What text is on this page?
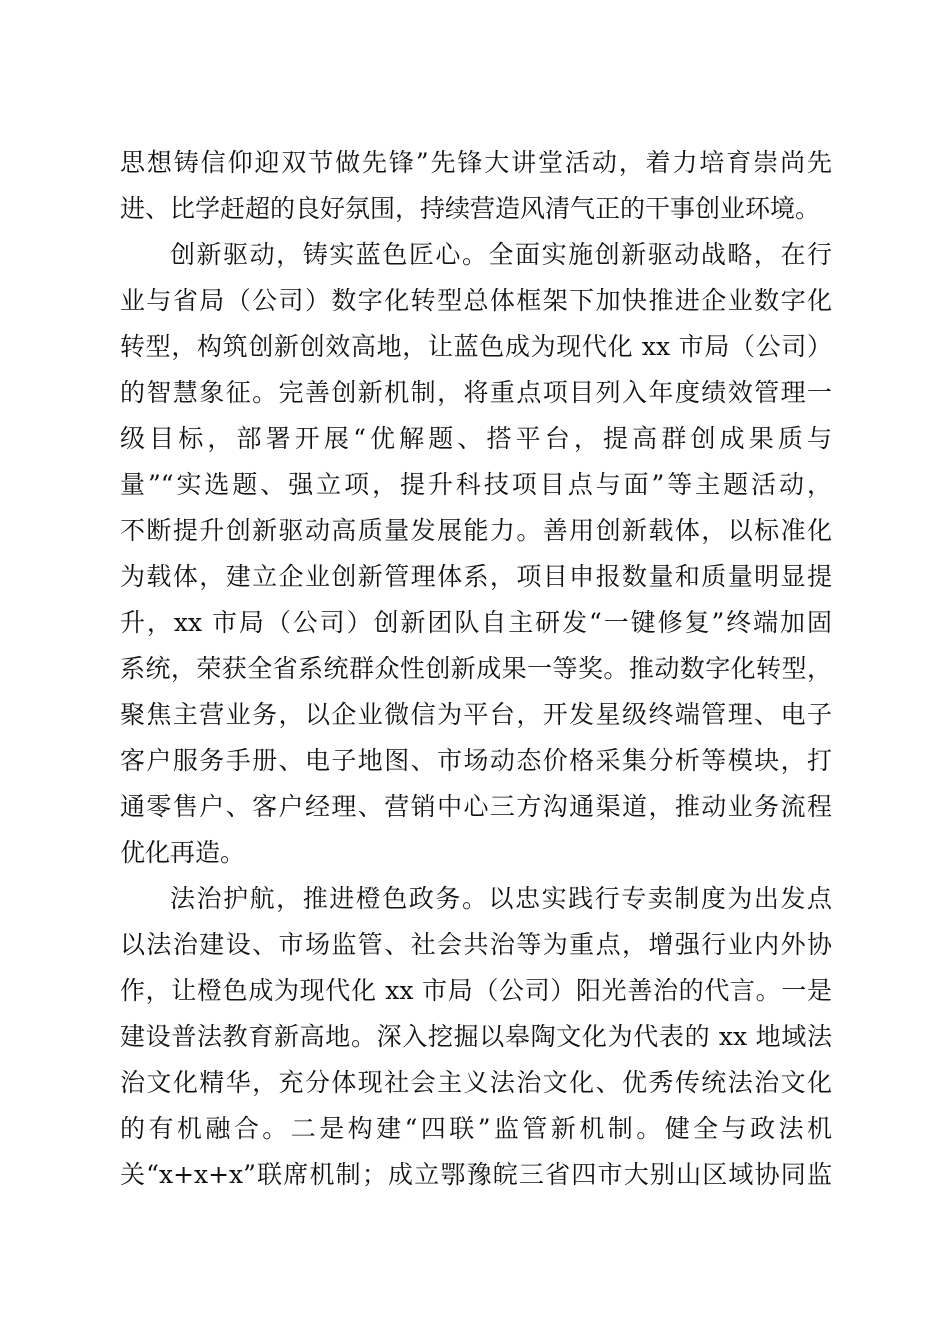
思想铸信仰迎双节做先锋”先锋大讲堂活动，着力培育崇尚先
进、比学赶超的良好氛围，持续营造风清气正的干事创业环境。
创新驱动，铸实蓝色匠心。全面实施创新驱动战略，在行
业与省局（公司）数字化转型总体框架下加快推进企业数字化
转型，构筑创新创效高地，让蓝色成为现代化 xx 市局（公司）
的智慧象征。完善创新机制，将重点项目列入年度绩效管理一
级目标，部署开展“优解题、搭平台，提高群创成果质与
量”“实选题、强立项，提升科技项目点与面”等主题活动，
不断提升创新驱动高质量发展能力。善用创新载体，以标准化
为载体，建立企业创新管理体系，项目申报数量和质量明显提
升，xx 市局（公司）创新团队自主研发“一键修复”终端加固
系统，荣获全省系统群众性创新成果一等奖。推动数字化转型，
聚焦主营业务，以企业微信为平台，开发星级终端管理、电子
客户服务手册、电子地图、市场动态价格采集分析等模块，打
通零售户、客户经理、营销中心三方沟通渠道，推动业务流程
优化再造。
法治护航，推进橙色政务。以忠实践行专卖制度为出发点
以法治建设、市场监管、社会共治等为重点，增强行业内外协
作，让橙色成为现代化 xx 市局（公司）阳光善治的代言。一是
建设普法教育新高地。深入挖掘以皋陶文化为代表的 xx 地域法
治文化精华，充分体现社会主义法治文化、优秀传统法治文化
的有机融合。二是构建“四联”监管新机制。健全与政法机
关“x+x+x”联席机制；成立鄂豫皖三省四市大别山区域协同监
